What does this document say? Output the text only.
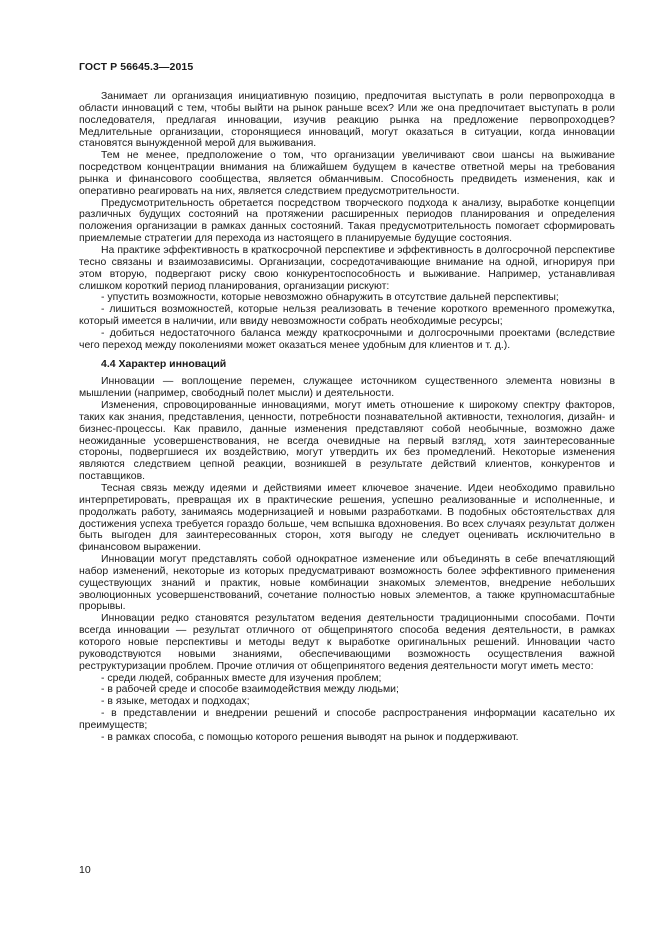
ГОСТ Р 56645.3—2015

Занимает ли организация инициативную позицию, предпочитая выступать в роли первопроходца в области инноваций с тем, чтобы выйти на рынок раньше всех? Или же она предпочитает выступать в роли последователя, предлагая инновации, изучив реакцию рынка на предложение первопроходцев? Медлительные организации, сторонящиеся инноваций, могут оказаться в ситуации, когда инновации становятся вынужденной мерой для выживания.

Тем не менее, предположение о том, что организации увеличивают свои шансы на выживание посредством концентрации внимания на ближайшем будущем в качестве ответной меры на требования рынка и финансового сообщества, является обманчивым. Способность предвидеть изменения, как и оперативно реагировать на них, является следствием предусмотрительности.

Предусмотрительность обретается посредством творческого подхода к анализу, выработке концепции различных будущих состояний на протяжении расширенных периодов планирования и определения положения организации в рамках данных состояний. Такая предусмотрительность помогает сформировать приемлемые стратегии для перехода из настоящего в планируемые будущие состояния.

На практике эффективность в краткосрочной перспективе и эффективность в долгосрочной перспективе тесно связаны и взаимозависимы. Организации, сосредотачивающие внимание на одной, игнорируя при этом вторую, подвергают риску свою конкурентоспособность и выживание. Например, устанавливая слишком короткий период планирования, организации рискуют:

- упустить возможности, которые невозможно обнаружить в отсутствие дальней перспективы;

- лишиться возможностей, которые нельзя реализовать в течение короткого временного промежутка, который имеется в наличии, или ввиду невозможности собрать необходимые ресурсы;

- добиться недостаточного баланса между краткосрочными и долгосрочными проектами (вследствие чего переход между поколениями может оказаться менее удобным для клиентов и т. д.).

4.4 Характер инноваций

Инновации — воплощение перемен, служащее источником существенного элемента новизны в мышлении (например, свободный полет мысли) и деятельности.

Изменения, спровоцированные инновациями, могут иметь отношение к широкому спектру факторов, таких как знания, представления, ценности, потребности познавательной активности, технология, дизайн- и бизнес-процессы. Как правило, данные изменения представляют собой необычные, возможно даже неожиданные усовершенствования, не всегда очевидные на первый взгляд, хотя заинтересованные стороны, подвергшиеся их воздействию, могут утвердить их без промедлений. Некоторые изменения являются следствием цепной реакции, возникшей в результате действий клиентов, конкурентов и поставщиков.

Тесная связь между идеями и действиями имеет ключевое значение. Идеи необходимо правильно интерпретировать, превращая их в практические решения, успешно реализованные и исполненные, и продолжать работу, занимаясь модернизацией и новыми разработками. В подобных обстоятельствах для достижения успеха требуется гораздо больше, чем вспышка вдохновения. Во всех случаях результат должен быть выгоден для заинтересованных сторон, хотя выгоду не следует оценивать исключительно в финансовом выражении.

Инновации могут представлять собой однократное изменение или объединять в себе впечатляющий набор изменений, некоторые из которых предусматривают возможность более эффективного применения существующих знаний и практик, новые комбинации знакомых элементов, внедрение небольших эволюционных усовершенствований, сочетание полностью новых элементов, а также крупномасштабные прорывы.

Инновации редко становятся результатом ведения деятельности традиционными способами. Почти всегда инновации — результат отличного от общепринятого способа ведения деятельности, в рамках которого новые перспективы и методы ведут к выработке оригинальных решений. Инновации часто руководствуются новыми знаниями, обеспечивающими возможность осуществления важной реструктуризации проблем. Прочие отличия от общепринятого ведения деятельности могут иметь место:

- среди людей, собранных вместе для изучения проблем;

- в рабочей среде и способе взаимодействия между людьми;

- в языке, методах и подходах;

- в представлении и внедрении решений и способе распространения информации касательно их преимуществ;

- в рамках способа, с помощью которого решения выводят на рынок и поддерживают.

10
